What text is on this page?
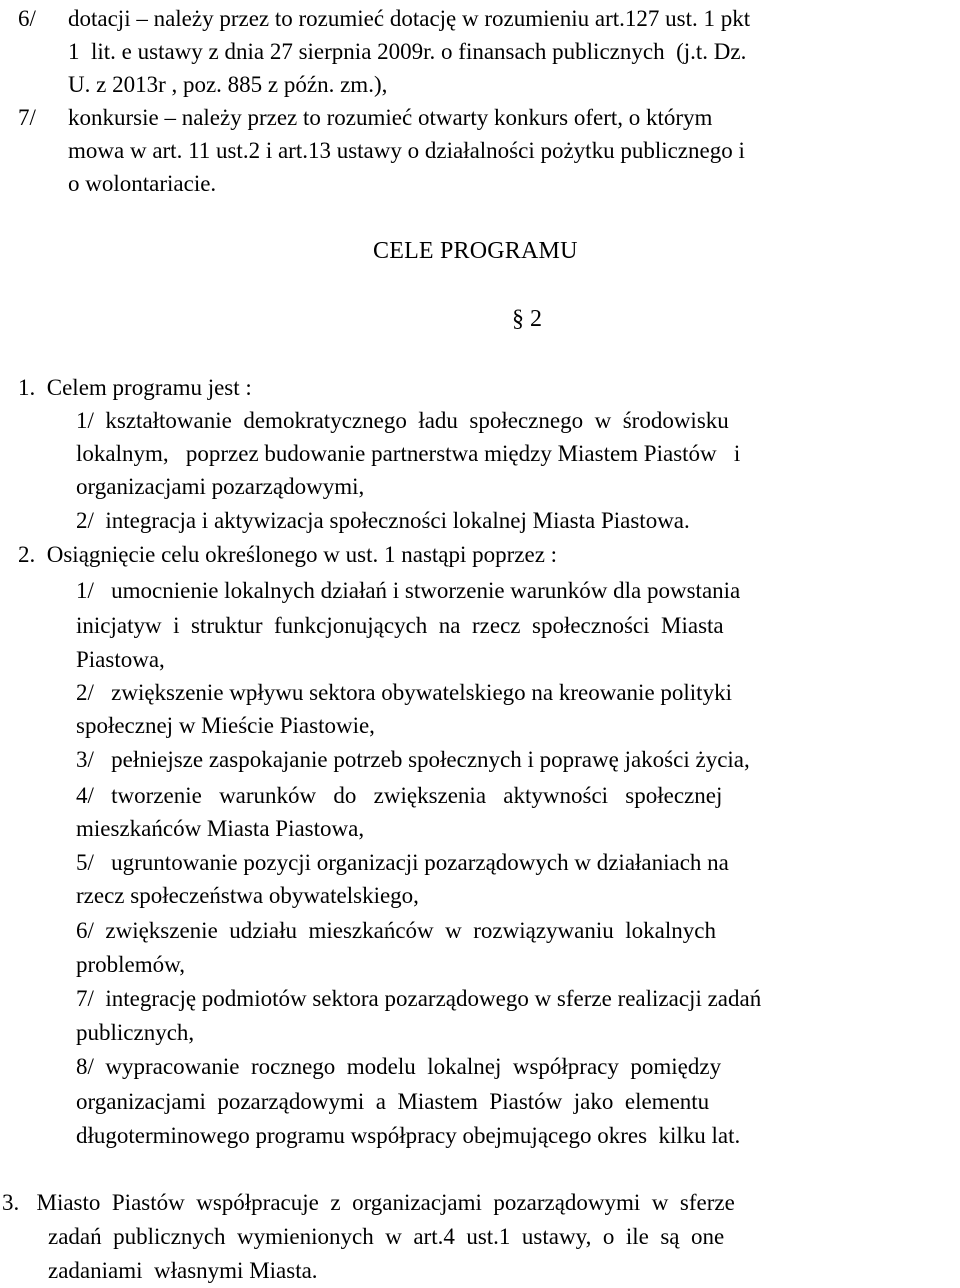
6/ dotacji – należy przez to rozumieć dotację w rozumieniu art.127 ust. 1 pkt
1  lit. e ustawy z dnia 27 sierpnia 2009r. o finansach publicznych  (j.t. Dz.
U. z 2013r , poz. 885 z późn. zm.),
7/ konkursie – należy przez to rozumieć otwarty konkurs ofert, o którym
mowa w art. 11 ust.2 i art.13 ustawy o działalności pożytku publicznego i
o wolontariacie.
CELE PROGRAMU
§ 2
1.  Celem programu jest :
1/  kształtowanie  demokratycznego  ładu  społecznego  w  środowisku
lokalnym,   poprzez budowanie partnerstwa między Miastem Piastów   i
organizacjami pozarządowymi,
2/  integracja i aktywizacja społeczności lokalnej Miasta Piastowa.
2.  Osiągnięcie celu określonego w ust. 1 nastąpi poprzez :
1/   umocnienie lokalnych działań i stworzenie warunków dla powstania
inicjatyw  i  struktur  funkcjonujących  na  rzecz  społeczności  Miasta
Piastowa,
2/   zwiększenie wpływu sektora obywatelskiego na kreowanie polityki
społecznej w Mieście Piastowie,
3/   pełniejsze zaspokajanie potrzeb społecznych i poprawę jakości życia,
4/   tworzenie   warunków   do   zwiększenia   aktywności   społecznej
mieszkańców Miasta Piastowa,
5/   ugruntowanie pozycji organizacji pozarządowych w działaniach na
rzecz społeczeństwa obywatelskiego,
6/  zwiększenie  udziału  mieszkańców  w  rozwiązywaniu  lokalnych
problemów,
7/  integrację podmiotów sektora pozarządowego w sferze realizacji zadań
publicznych,
8/  wypracowanie  rocznego  modelu  lokalnej  współpracy  pomiędzy
organizacjami  pozarządowymi  a  Miastem  Piastów  jako  elementu
długoterminowego programu współpracy obejmującego okres  kilku lat.
3.   Miasto  Piastów  współpracuje  z  organizacjami  pozarządowymi  w  sferze
zadań  publicznych  wymienionych  w  art.4  ust.1  ustawy,  o  ile  są  one
zadaniami  własnymi Miasta.
